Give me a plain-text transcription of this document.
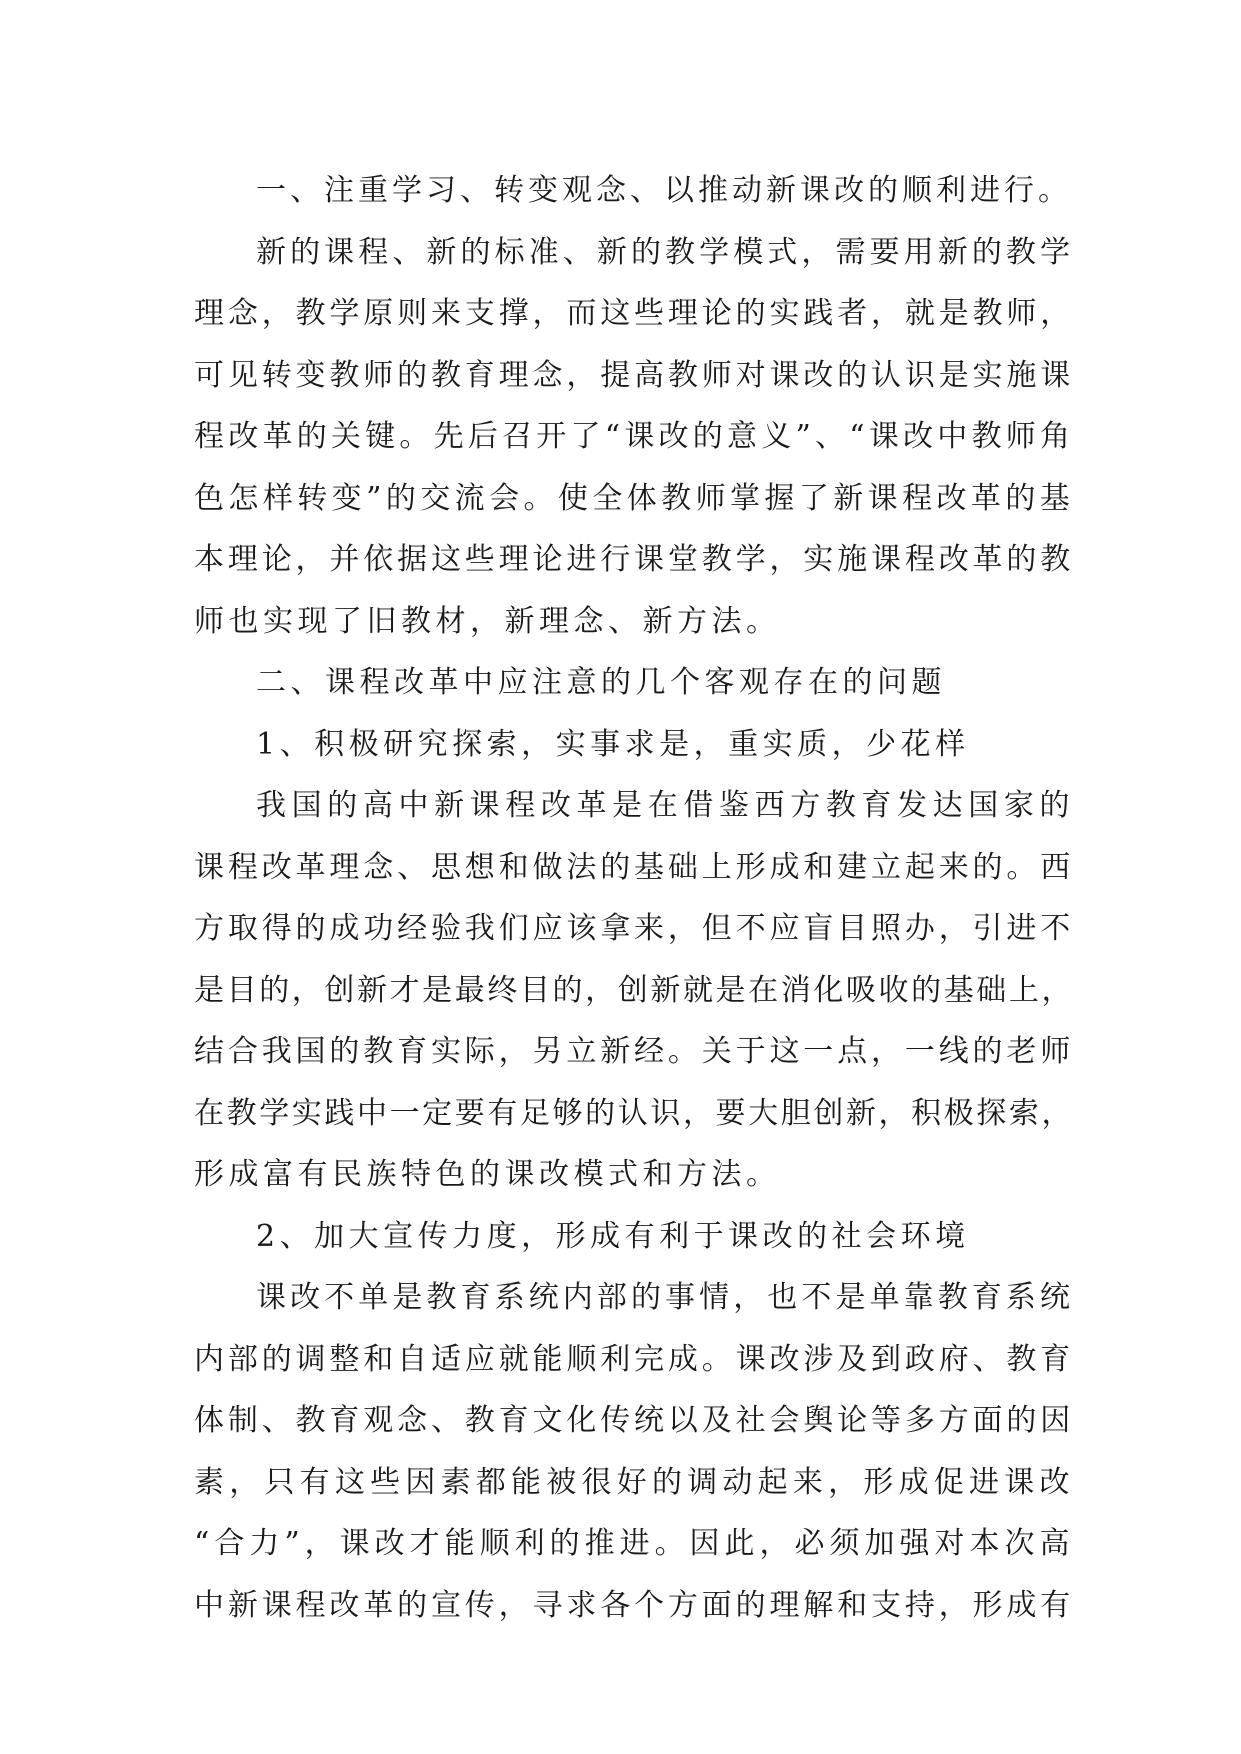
一、注重学习、转变观念、以推动新课改的顺利进行。
新的课程、新的标准、新的教学模式，需要用新的教学
理念，教学原则来支撑，而这些理论的实践者，就是教师，
可见转变教师的教育理念，提高教师对课改的认识是实施课
程改革的关键。先后召开了“课改的意义”、“课改中教师角
色怎样转变”的交流会。使全体教师掌握了新课程改革的基
本理论，并依据这些理论进行课堂教学，实施课程改革的教
师也实现了旧教材，新理念、新方法。
二、课程改革中应注意的几个客观存在的问题
1、积极研究探索，实事求是，重实质，少花样
我国的高中新课程改革是在借鉴西方教育发达国家的
课程改革理念、思想和做法的基础上形成和建立起来的。西
方取得的成功经验我们应该拿来，但不应盲目照办，引进不
是目的，创新才是最终目的，创新就是在消化吸收的基础上，
结合我国的教育实际，另立新经。关于这一点，一线的老师
在教学实践中一定要有足够的认识，要大胆创新，积极探索，
形成富有民族特色的课改模式和方法。
2、加大宣传力度，形成有利于课改的社会环境
课改不单是教育系统内部的事情，也不是单靠教育系统
内部的调整和自适应就能顺利完成。课改涉及到政府、教育
体制、教育观念、教育文化传统以及社会舆论等多方面的因
素，只有这些因素都能被很好的调动起来，形成促进课改
“合力”，课改才能顺利的推进。因此，必须加强对本次高
中新课程改革的宣传，寻求各个方面的理解和支持，形成有
